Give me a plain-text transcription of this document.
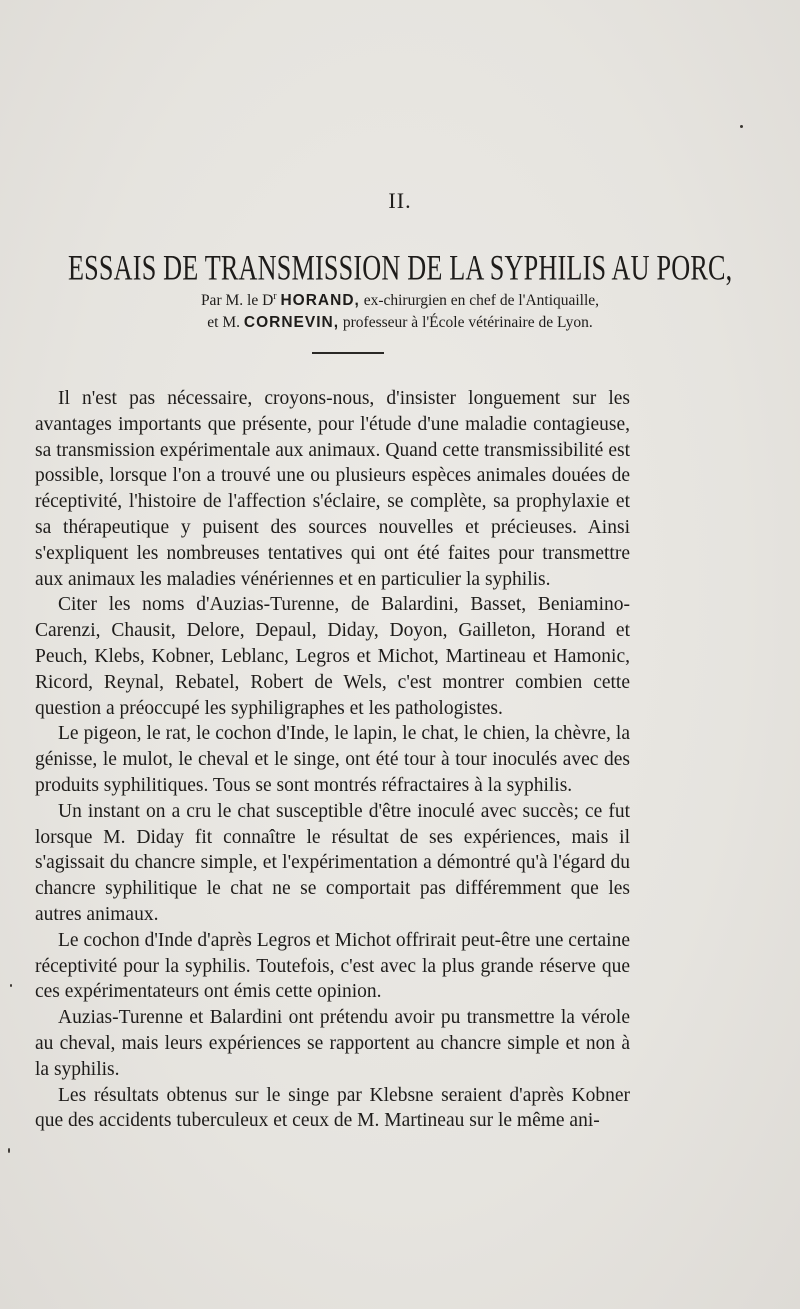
II.
ESSAIS DE TRANSMISSION DE LA SYPHILIS AU PORC,
Par M. le $D^r$ HORAND, ex-chirurgien en chef de l'Antiquaille,
et M. CORNEVIN, professeur à l'École vétérinaire de Lyon.

Il n'est pas nécessaire, croyons-nous, d'insister longuement sur les avantages importants que présente, pour l'étude d'une maladie contagieuse, sa transmission expérimentale aux animaux. Quand cette transmissibilité est possible, lorsque l'on a trouvé une ou plusieurs espèces animales douées de réceptivité, l'histoire de l'affection s'éclaire, se complète, sa prophylaxie et sa thérapeutique y puisent des sources nouvelles et précieuses. Ainsi s'expliquent les nombreuses tentatives qui ont été faites pour transmettre aux animaux les maladies vénériennes et en particulier la syphilis.

Citer les noms d'Auzias-Turenne, de Balardini, Basset, Beniamino-Carenzi, Chausit, Delore, Depaul, Diday, Doyon, Gailleton, Horand et Peuch, Klebs, Kobner, Leblanc, Legros et Michot, Martineau et Hamonic, Ricord, Reynal, Rebatel, Robert de Wels, c'est montrer combien cette question a préoccupé les syphiligraphes et les pathologistes.

Le pigeon, le rat, le cochon d'Inde, le lapin, le chat, le chien, la chèvre, la génisse, le mulot, le cheval et le singe, ont été tour à tour inoculés avec des produits syphilitiques. Tous se sont montrés réfractaires à la syphilis.

Un instant on a cru le chat susceptible d'être inoculé avec succès; ce fut lorsque M. Diday fit connaître le résultat de ses expériences, mais il s'agissait du chancre simple, et l'expérimentation a démontré qu'à l'égard du chancre syphilitique le chat ne se comportait pas différemment que les autres animaux.

Le cochon d'Inde d'après Legros et Michot offrirait peut-être une certaine réceptivité pour la syphilis. Toutefois, c'est avec la plus grande réserve que ces expérimentateurs ont émis cette opinion.

Auzias-Turenne et Balardini ont prétendu avoir pu transmettre la vérole au cheval, mais leurs expériences se rapportent au chancre simple et non à la syphilis.

Les résultats obtenus sur le singe par Klebsne seraient d'après Kobner que des accidents tuberculeux et ceux de M. Martineau sur le même ani-
